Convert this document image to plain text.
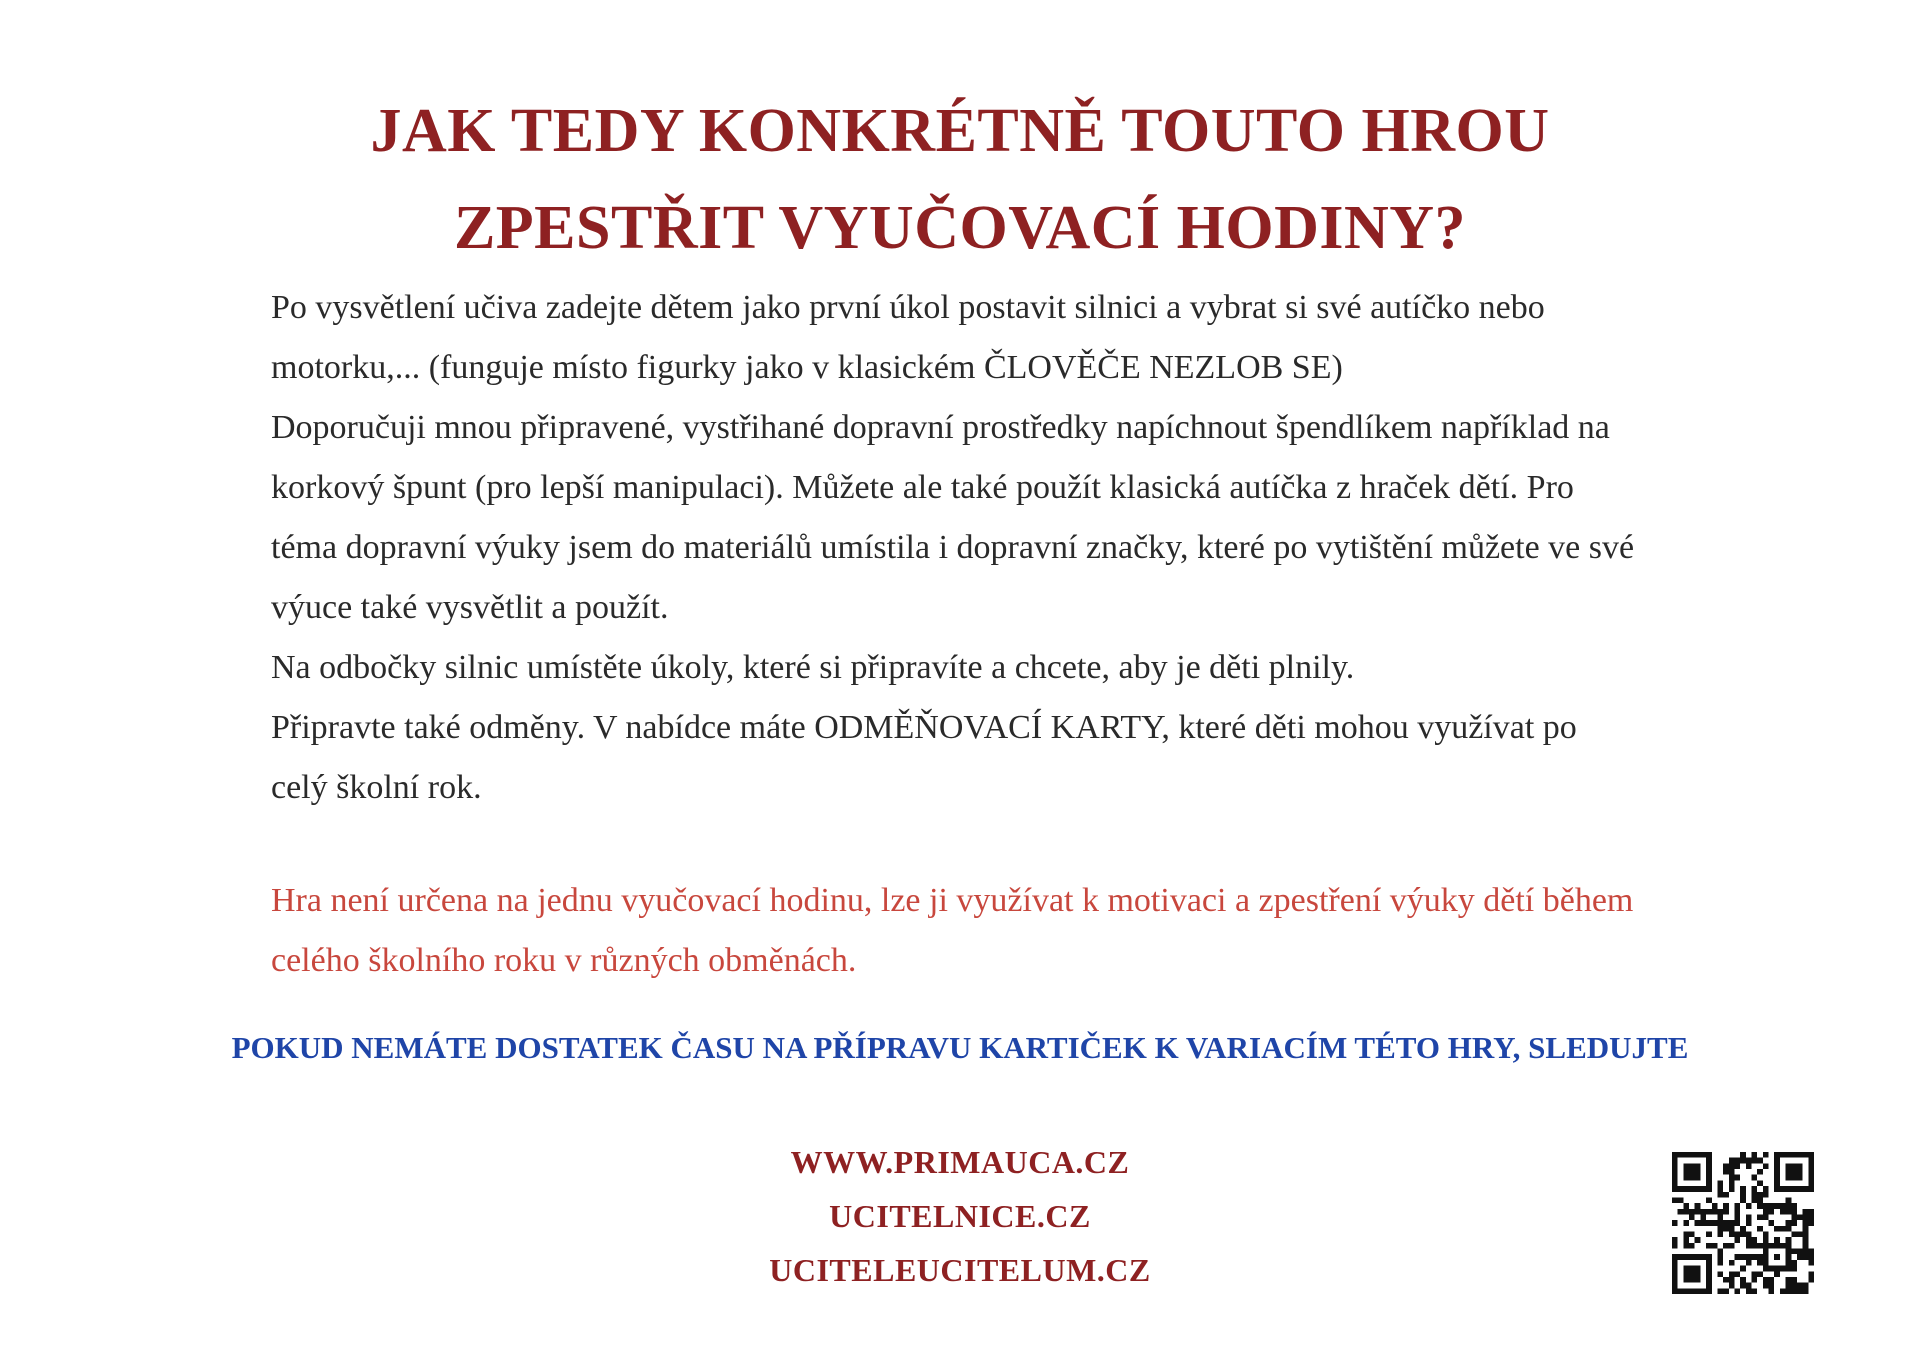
JAK TEDY KONKRÉTNĚ TOUTO HROU
ZPESTŘIT VYUČOVACÍ HODINY?

Po vysvětlení učiva zadejte dětem jako první úkol postavit silnici a vybrat si své autíčko nebo motorku,... (funguje místo figurky jako v klasickém ČLOVĚČE NEZLOB SE)

Doporučuji mnou připravené, vystřihané dopravní prostředky napíchnout špendlíkem například na korkový špunt (pro lepší manipulaci). Můžete ale také použít klasická autíčka z hraček dětí. Pro téma dopravní výuky jsem do materiálů umístila i dopravní značky, které po vytištění můžete ve své výuce také vysvětlit a použít.

Na odbočky silnic umístěte úkoly, které si připravíte a chcete, aby je děti plnily.

Připravte také odměny. V nabídce máte ODMĚŇOVACÍ KARTY, které děti mohou využívat po celý školní rok.

Hra není určena na jednu vyučovací hodinu, lze ji využívat k motivaci a zpestření výuky dětí během celého školního roku v různých obměnách.
POKUD NEMÁTE DOSTATEK ČASU NA PŘÍPRAVU KARTIČEK K VARIACÍM TÉTO HRY, SLEDUJTE
WWW.PRIMAUCA.CZ
UCITELNICE.CZ
UCITELEUCITELUM.CZ
